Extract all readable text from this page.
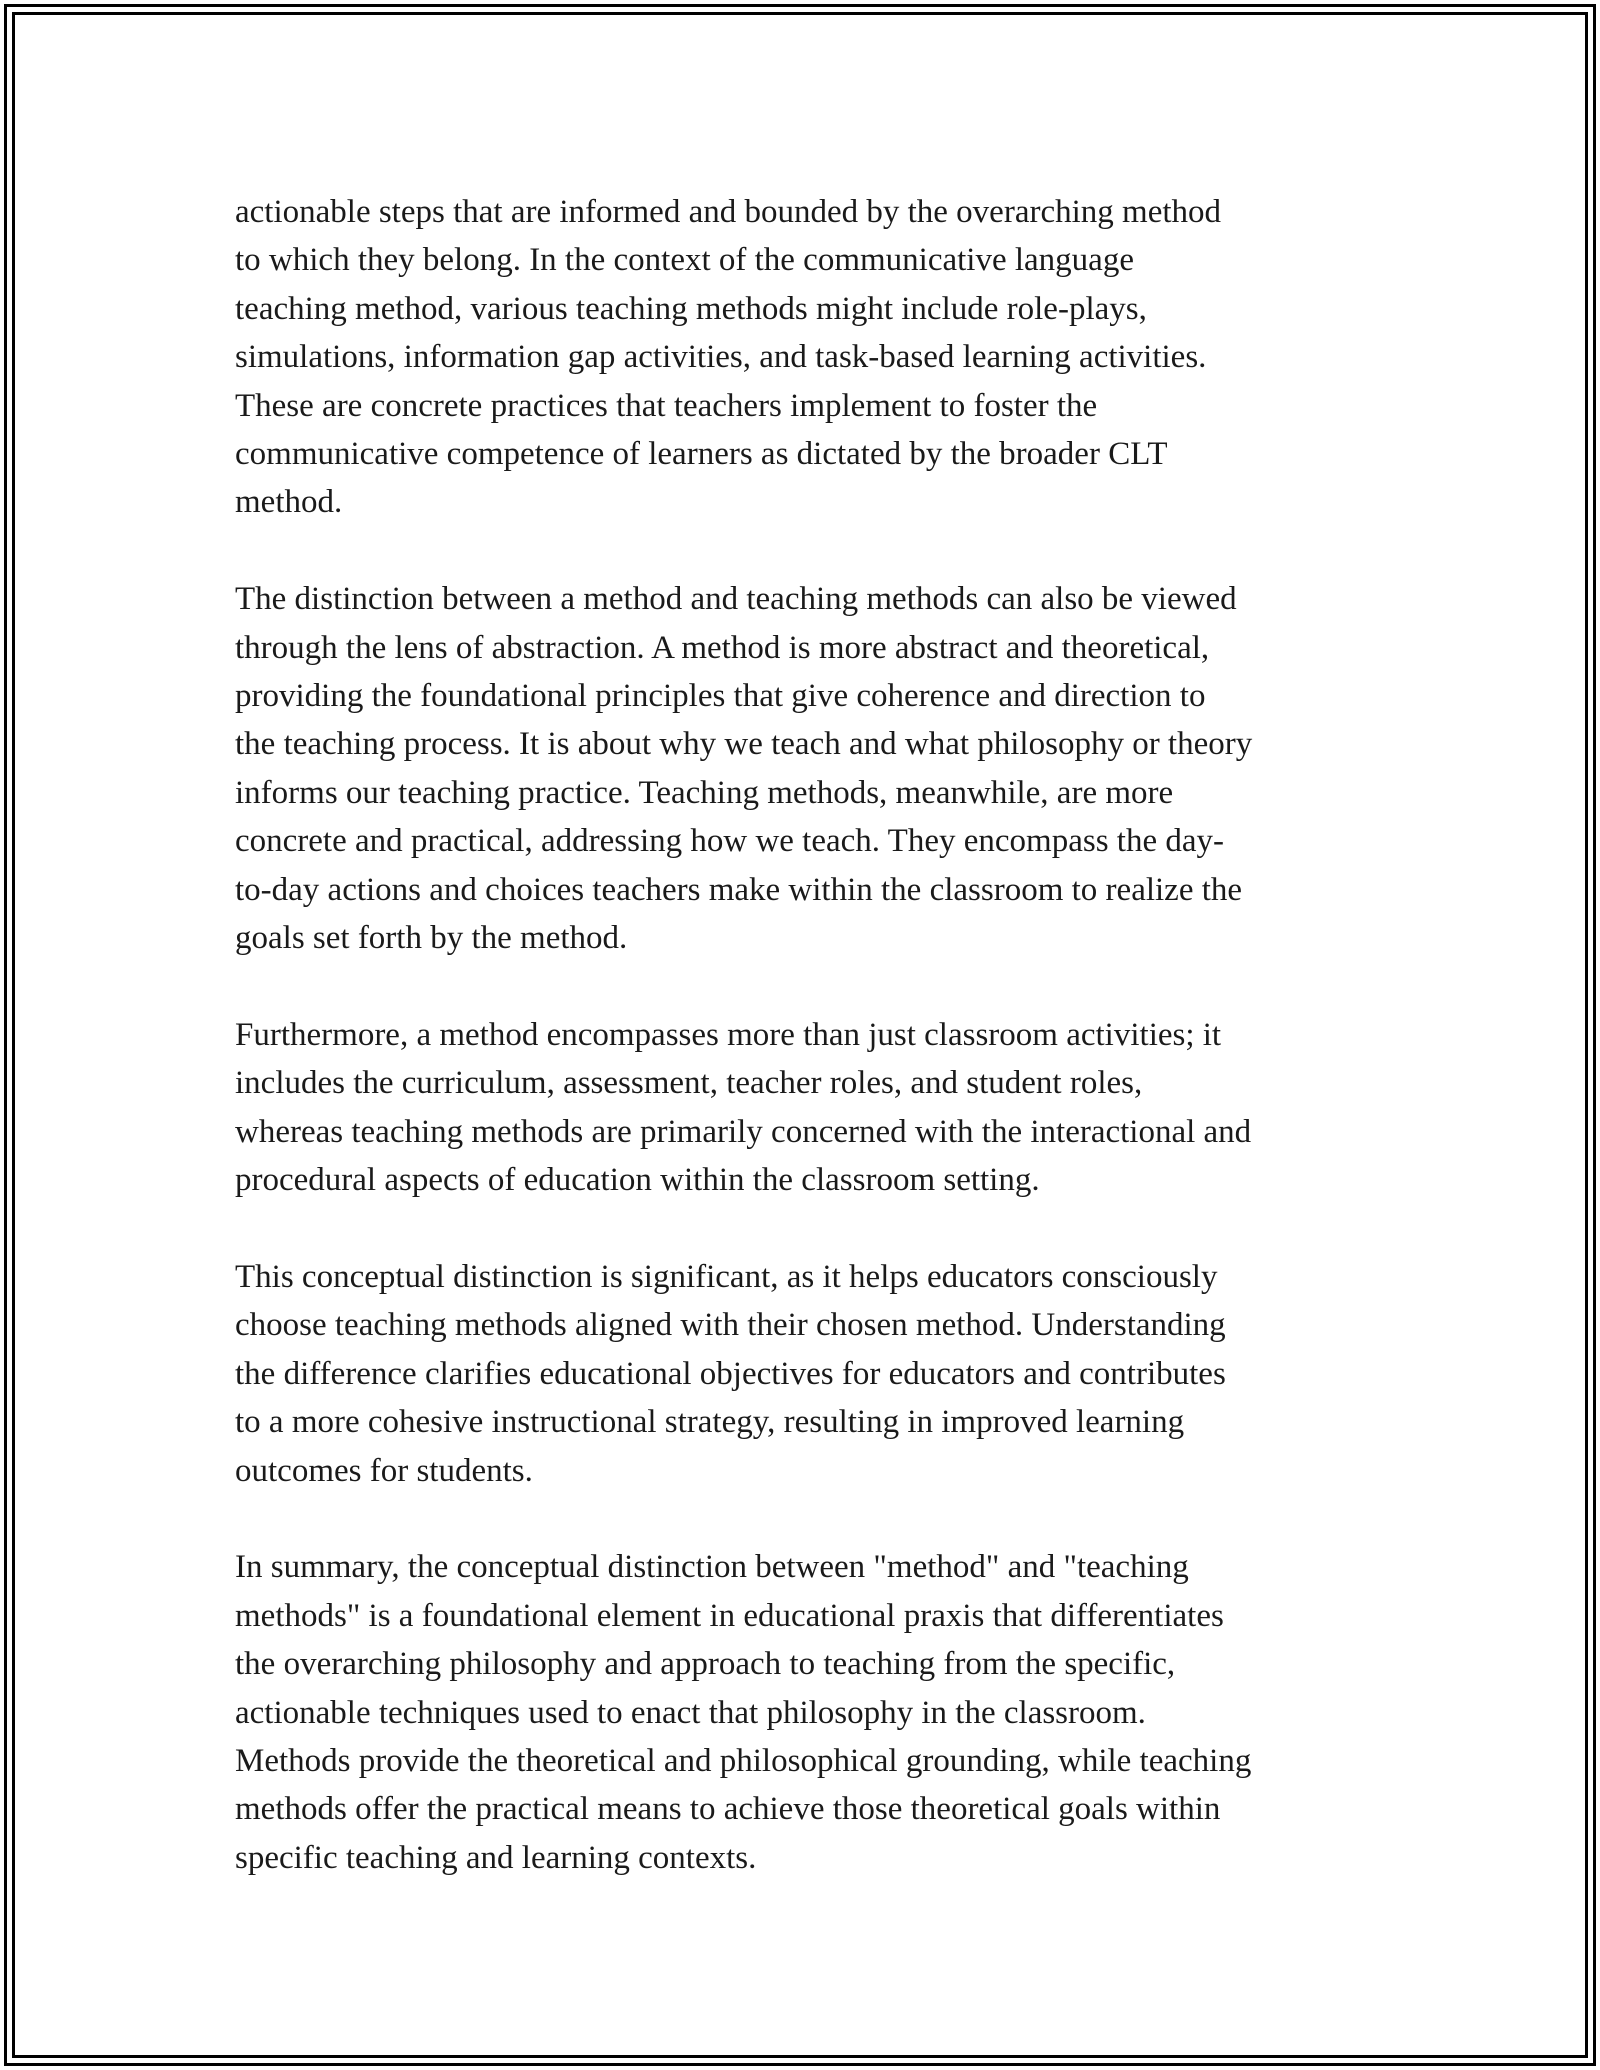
actionable steps that are informed and bounded by the overarching method
to which they belong. In the context of the communicative language
teaching method, various teaching methods might include role-plays,
simulations, information gap activities, and task-based learning activities.
These are concrete practices that teachers implement to foster the
communicative competence of learners as dictated by the broader CLT
method.

The distinction between a method and teaching methods can also be viewed
through the lens of abstraction. A method is more abstract and theoretical,
providing the foundational principles that give coherence and direction to
the teaching process. It is about why we teach and what philosophy or theory
informs our teaching practice. Teaching methods, meanwhile, are more
concrete and practical, addressing how we teach. They encompass the day-
to-day actions and choices teachers make within the classroom to realize the
goals set forth by the method.

Furthermore, a method encompasses more than just classroom activities; it
includes the curriculum, assessment, teacher roles, and student roles,
whereas teaching methods are primarily concerned with the interactional and
procedural aspects of education within the classroom setting.

This conceptual distinction is significant, as it helps educators consciously
choose teaching methods aligned with their chosen method. Understanding
the difference clarifies educational objectives for educators and contributes
to a more cohesive instructional strategy, resulting in improved learning
outcomes for students.

In summary, the conceptual distinction between "method" and "teaching
methods" is a foundational element in educational praxis that differentiates
the overarching philosophy and approach to teaching from the specific,
actionable techniques used to enact that philosophy in the classroom.
Methods provide the theoretical and philosophical grounding, while teaching
methods offer the practical means to achieve those theoretical goals within
specific teaching and learning contexts.
